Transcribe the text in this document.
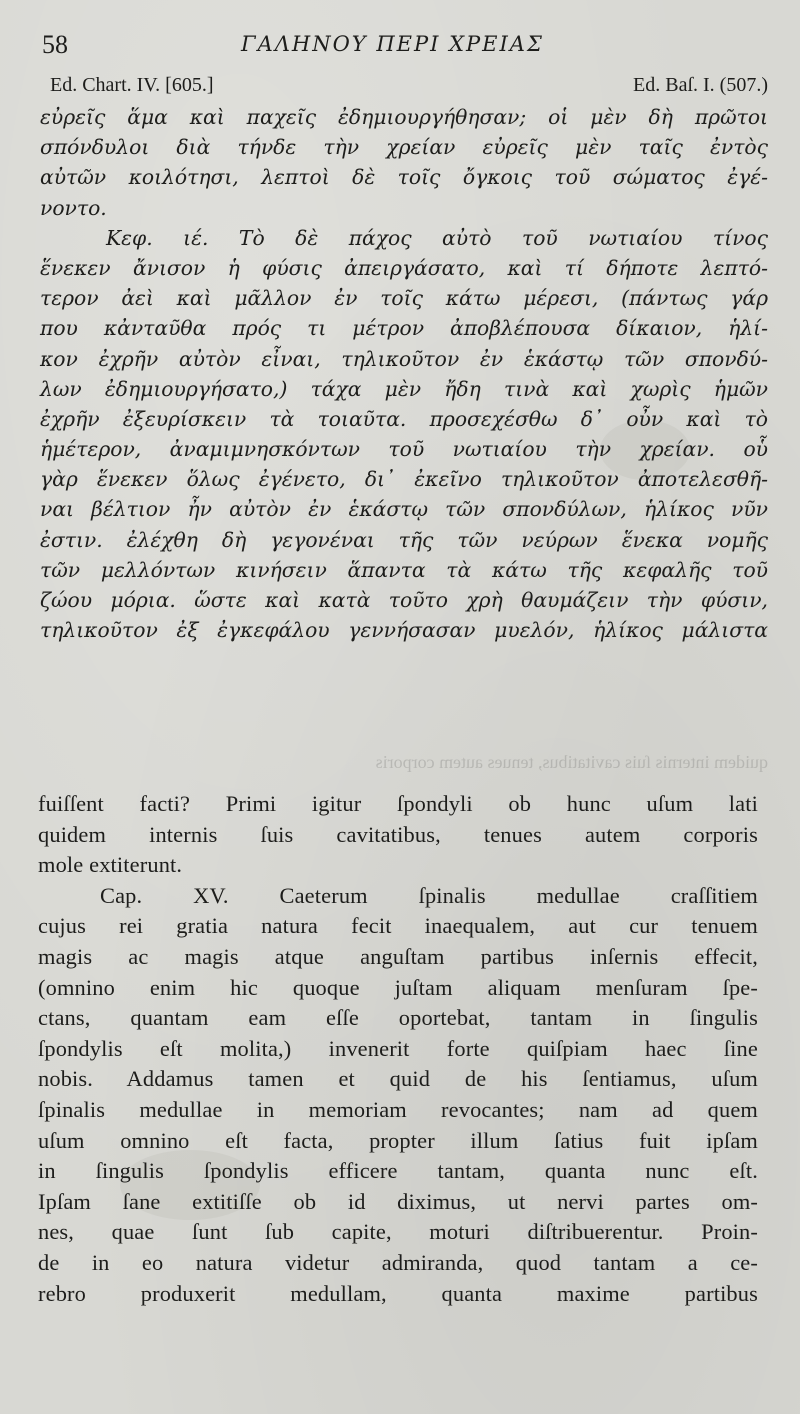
58	ΓΑΛΗΝΟΥ ΠΕΡΙ ΧΡΕΙΑΣ
Ed. Chart. IV. [605.]	Ed. Baſ. I. (507.)
εὐρεῖς ἅμα καὶ παχεῖς ἐδημιουργήθησαν; οἱ μὲν δὴ πρῶτοι
σπόνδυλοι διὰ τήνδε τὴν χρείαν εὐρεῖς μὲν ταῖς ἐντὸς
αὐτῶν κοιλότησι, λεπτοὶ δὲ τοῖς ὄγκοις τοῦ σώματος ἐγέ-
νοντο.
Κεφ. ιέ. Τὸ δὲ πάχος αὐτὸ τοῦ νωτιαίου τίνος
ἕνεκεν ἄνισον ἡ φύσις ἀπειργάσατο, καὶ τί δήποτε λεπτό-
τερον ἀεὶ καὶ μᾶλλον ἐν τοῖς κάτω μέρεσι, (πάντως γάρ
που κἀνταῦθα πρός τι μέτρον ἀποβλέπουσα δίκαιον, ἡλί-
κον ἐχρῆν αὐτὸν εἶναι, τηλικοῦτον ἐν ἑκάστῳ τῶν σπονδύ-
λων ἐδημιουργήσατο,) τάχα μὲν ἤδη τινὰ καὶ χωρὶς ἡμῶν
ἐχρῆν ἐξευρίσκειν τὰ τοιαῦτα. προσεχέσθω δ᾽ οὖν καὶ τὸ
ἡμέτερον, ἀναμιμνησκόντων τοῦ νωτιαίου τὴν χρείαν. οὗ
γὰρ ἕνεκεν ὅλως ἐγένετο, δι᾽ ἐκεῖνο τηλικοῦτον ἀποτελεσθῆ-
ναι βέλτιον ἦν αὐτὸν ἐν ἑκάστῳ τῶν σπονδύλων, ἡλίκος νῦν
ἐστιν. ἐλέχθη δὴ γεγονέναι τῆς τῶν νεύρων ἕνεκα νομῆς
τῶν μελλόντων κινήσειν ἅπαντα τὰ κάτω τῆς κεφαλῆς τοῦ
ζώου μόρια. ὥστε καὶ κατὰ τοῦτο χρὴ θαυμάζειν τὴν φύσιν,
τηλικοῦτον ἐξ ἐγκεφάλου γεννήσασαν μυελόν, ἡλίκος μάλιστα
quidem internis ſuis cavitatibus, tenues autem corporis
fuiſſent facti? Primi igitur ſpondyli ob hunc uſum lati
quidem internis ſuis cavitatibus, tenues autem corporis
mole extiterunt.
Cap. XV. Caeterum ſpinalis medullae craſſitiem
cujus rei gratia natura fecit inaequalem, aut cur tenuem
magis ac magis atque anguſtam partibus inſernis effecit,
(omnino enim hic quoque juſtam aliquam menſuram ſpe-
ctans, quantam eam eſſe oportebat, tantam in ſingulis
ſpondylis eſt molita,) invenerit forte quiſpiam haec ſine
nobis. Addamus tamen et quid de his ſentiamus, uſum
ſpinalis medullae in memoriam revocantes; nam ad quem
uſum omnino eſt facta, propter illum ſatius fuit ipſam
in ſingulis ſpondylis efficere tantam, quanta nunc eſt.
Ipſam ſane extitiſſe ob id diximus, ut nervi partes om-
nes, quae ſunt ſub capite, moturi diſtribuerentur. Proin-
de in eo natura videtur admiranda, quod tantam a ce-
rebro produxerit medullam, quanta maxime partibus
